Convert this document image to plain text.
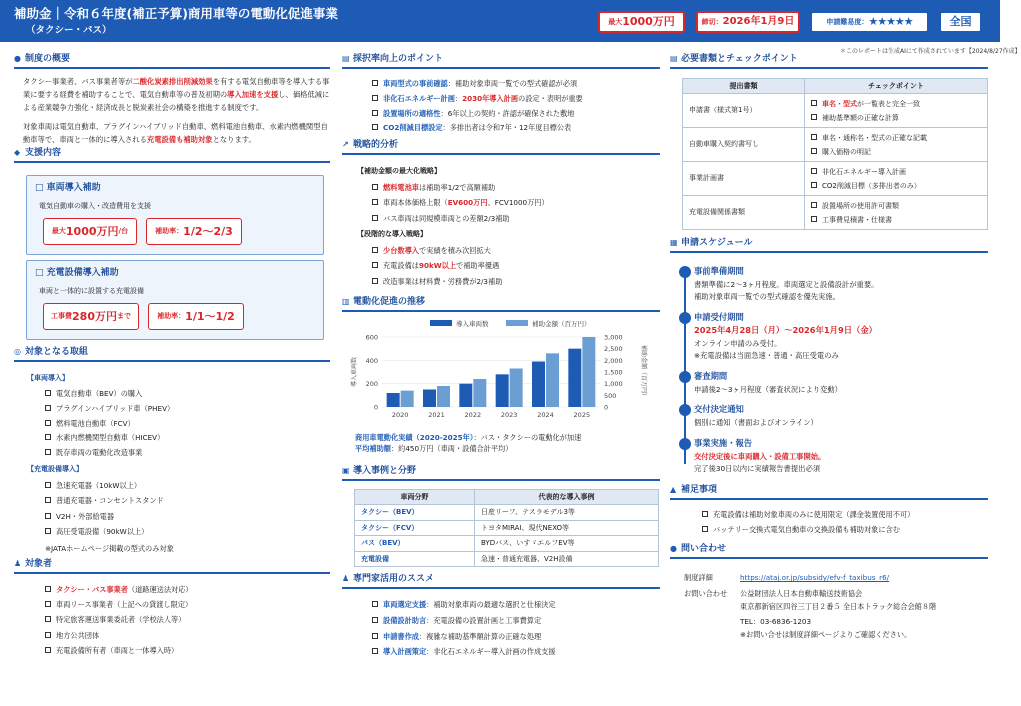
補助金｜令和６年度(補正予算)商用車等の電動化促進事業
（タクシー・バス）
最大 1000万円	締切： 2026年1月9日	申請難易度： ★★★★★	全国
＊このレポートは生成AIにて作成されています【2024/8/27作成】
● 制度の概要
タクシー事業者、バス事業者等が二酸化炭素排出削減効果を有する電気自動車等を導入する事業に要する経費を補助することで、電気自動車等の普及初期の導入加速を支援し、価格低減による産業競争力強化・経済成長と脱炭素社会の構築を推進する制度です。
対象車両は電気自動車、プラグインハイブリッド自動車、燃料電池自動車、水素内燃機関型自動車等で、車両と一体的に導入される充電設備も補助対象となります。
◆ 支援内容
□ 車両導入補助
電気自動車の購入・改造費用を支援
最大 1000万円 /台	補助率： 1/2〜2/3
□ 充電設備導入補助
車両と一体的に設置する充電設備
工事費 280万円 まで	補助率： 1/1〜1/2
◎ 対象となる取組
【車両導入】
電気自動車（BEV）の購入
プラグインハイブリッド車（PHEV）
燃料電池自動車（FCV）
水素内燃機関型自動車（HICEV）
既存車両の電動化改造事業
【充電設備導入】
急速充電器（10kW以上）
普通充電器・コンセントスタンド
V2H・外部給電器
高圧受電設備（90kW以上）
※JATAホームページ掲載の型式のみ対象
♟ 対象者
タクシー・バス事業者（道路運送法対応）
車両リース事業者（上記への貸渡し限定）
特定旅客運送事業委託者（学校法人等）
地方公共団体
充電設備所有者（車両と一体導入時）
▤ 採択率向上のポイント
車両型式の事前確認：補助対象車両一覧での型式確認が必須
非化石エネルギー計画：2030年導入計画の設定・表明が重要
設置場所の適格性：6年以上の契約・許認が確保された敷地
CO2削減目標設定：多排出者は令和7年・12年度目標公表
↗ 戦略的分析
【補助金額の最大化戦略】
燃料電池車は補助率1/2で高額補助
車両本体価格上限（EV600万円、FCV1000万円）
バス車両は同規模車両との差額2/3補助
【段階的な導入戦略】
少台数導入で実績を積み次回拡大
充電設備は90kW以上で補助率優遇
改造事業は材料費・労務費が2/3補助
▥ 電動化促進の推移
0
200
400
600
0
500
1,000
1,500
2,000
2,500
3,000
導入車両数	補助金額（百万円）
2020	2021	2022	2023	2024	2025
導入車両数	補助金額（百万円）
商用車電動化実績（2020-2025年）：バス・タクシーの電動化が加速
平均補助額：約450万円（車両・設備合計平均）
▣ 導入事例と分野
車両分野	代表的な導入事例
タクシー（BEV）	日産リーフ、テスラモデル3等
タクシー（FCV）	トヨタMIRAI、現代NEXO等
バス（BEV）	BYDバス、いすゞエルフEV等
充電設備	急速・普通充電器、V2H設備
♟ 専門家活用のススメ
車両選定支援：補助対象車両の最適な選択と仕様決定
設備設計助言：充電設備の設置計画と工事費算定
申請書作成：複雑な補助基準額計算の正確な処理
導入計画策定：非化石エネルギー導入計画の作成支援
▤ 必要書類とチェックポイント
提出書類	チェックポイント
申請書（様式第1号）	車名・型式が一覧表と完全一致
補助基準額の正確な計算

自動車購入契約書写し	車名・通称名・型式の正確な記載
購入価格の明記

事業計画書	非化石エネルギー導入計画
CO2削減目標（多排出者のみ）

充電設備関係書類	設置場所の使用許可書類
工事費見積書・仕様書
▦ 申請スケジュール
事前準備期間
書類準備に2〜3ヶ月程度。車両選定と設備設計が重要。
補助対象車両一覧での型式確認を優先実施。
申請受付期間
2025年4月28日（月）〜2026年1月9日（金）
オンライン申請のみ受付。
※充電設備は当面急速・普通・高圧受電のみ
審査期間
申請後2〜3ヶ月程度（審査状況により変動）
交付決定通知
個別に通知（書面およびオンライン）
事業実施・報告
交付決定後に車両購入・設備工事開始。
完了後30日以内に実績報告書提出必須
▲ 補足事項
充電設備は補助対象車両のみに使用限定（課金装置使用不可）
バッテリー交換式電気自動車の交換設備も補助対象に含む
● 問い合わせ
制度詳細	https://ataj.or.jp/subsidy/efv-f_taxibus_r6/
お問い合わせ 公益財団法人日本自動車輸送技術協会
東京都新宿区四谷三丁目２番５ 全日本トラック総合会館８階
TEL：03-6836-1203
※お問い合せは制度詳細ページよりご確認ください。
